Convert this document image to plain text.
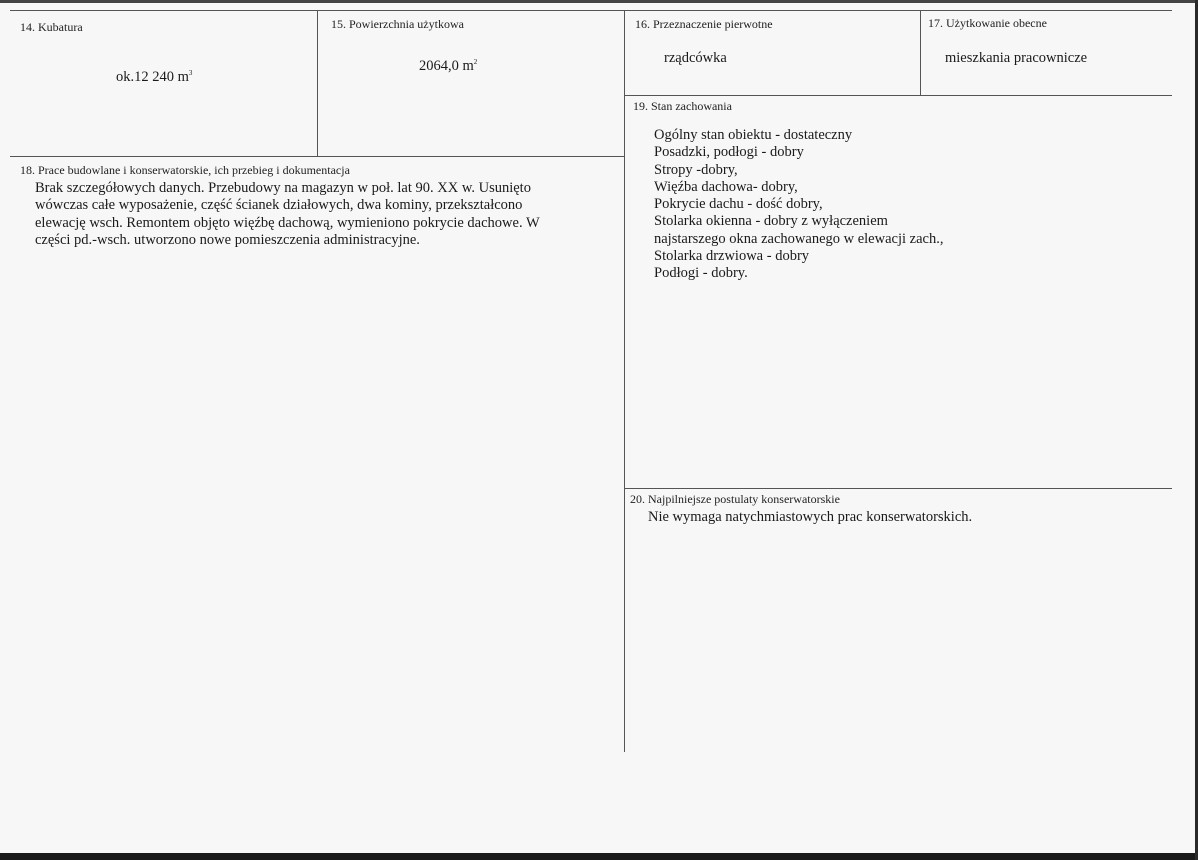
14. Kubatura
ok.12 240 $m^3$
15. Powierzchnia użytkowa
2064,0 $m^2$
16. Przeznaczenie pierwotne
rządcówka
17. Użytkowanie obecne
mieszkania pracownicze
19. Stan zachowania
Ogólny stan obiektu - dostateczny
Posadzki, podłogi - dobry
Stropy -dobry,
Więźba dachowa- dobry,
Pokrycie dachu - dość dobry,
Stolarka okienna - dobry z wyłączeniem
najstarszego okna zachowanego w elewacji zach.,
Stolarka drzwiowa - dobry
Podłogi - dobry.
18. Prace budowlane i konserwatorskie, ich przebieg i dokumentacja
Brak szczegółowych danych. Przebudowy na magazyn w poł. lat 90. XX w. Usunięto
wówczas całe wyposażenie, część ścianek działowych, dwa kominy, przekształcono
elewację wsch. Remontem objęto więźbę dachową, wymieniono pokrycie dachowe. W
części pd.-wsch. utworzono nowe pomieszczenia administracyjne.
20. Najpilniejsze postulaty konserwatorskie
Nie wymaga natychmiastowych prac konserwatorskich.
